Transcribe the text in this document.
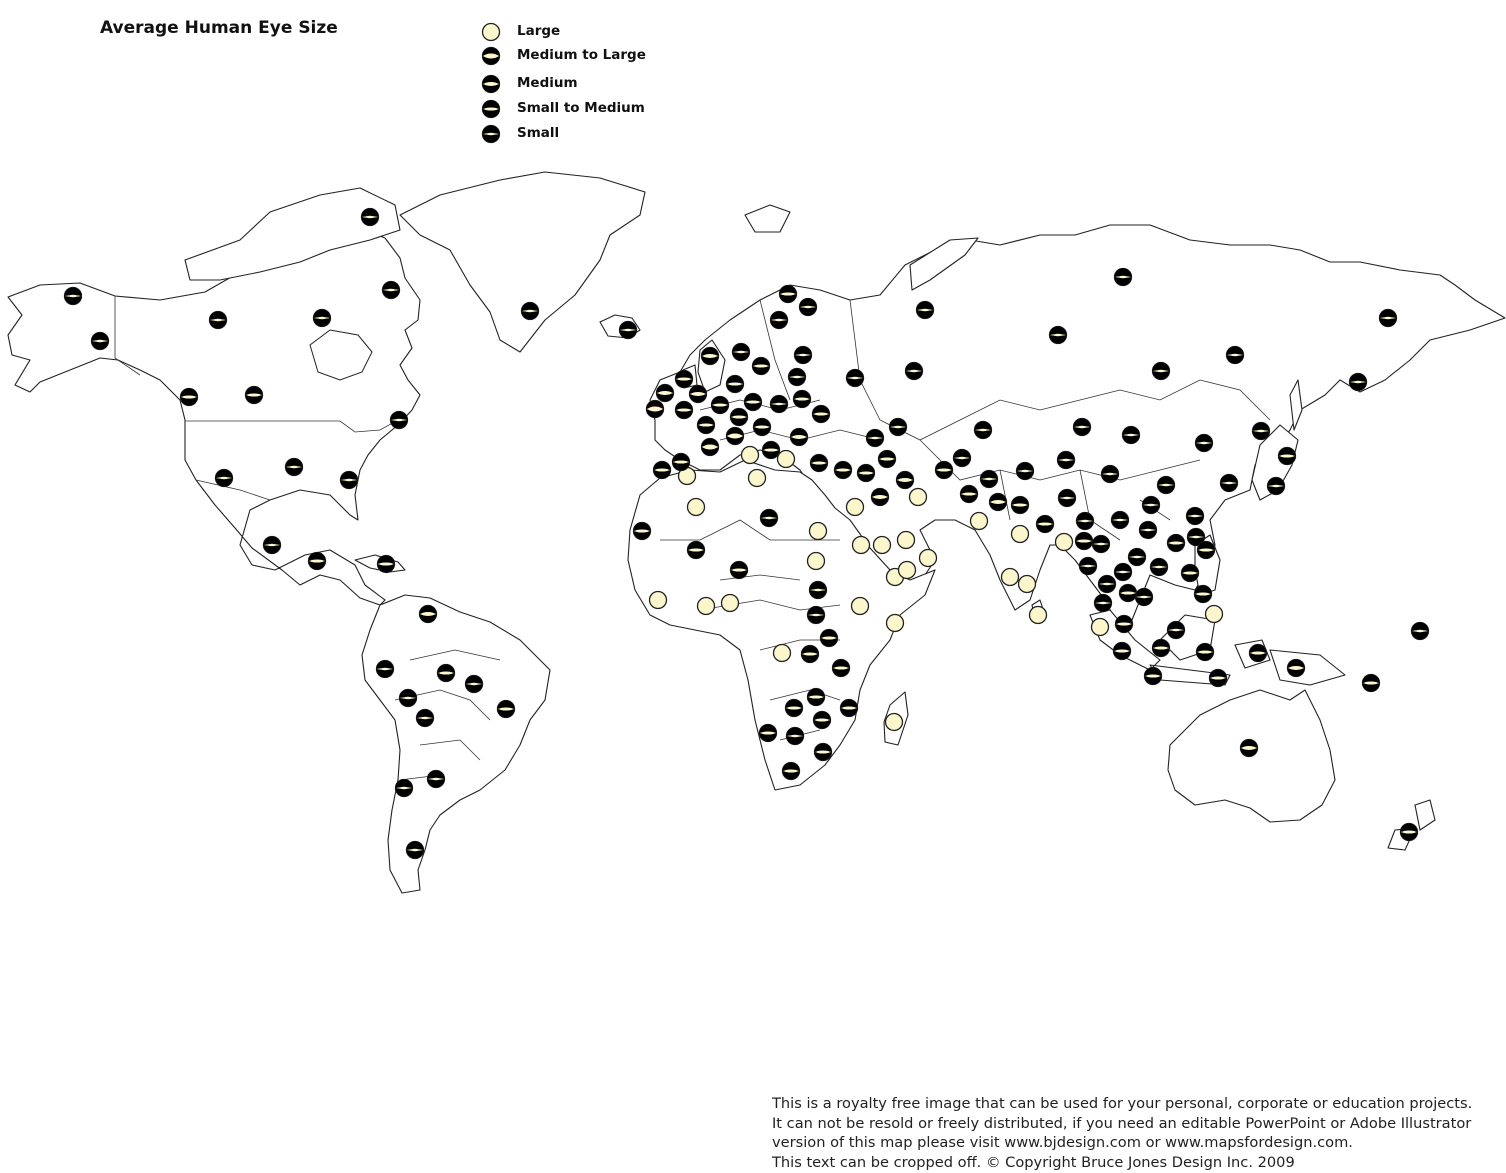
Average Human Eye Size	Large
Medium to Large
Medium
Small to Medium
Small
This is a royalty free image that can be used for your personal, corporate or education projects.
It can not be resold or freely distributed, if you need an editable PowerPoint or Adobe Illustrator
version of this map please visit www.bjdesign.com or www.mapsfordesign.com.
This text can be cropped off. © Copyright Bruce Jones Design Inc. 2009
